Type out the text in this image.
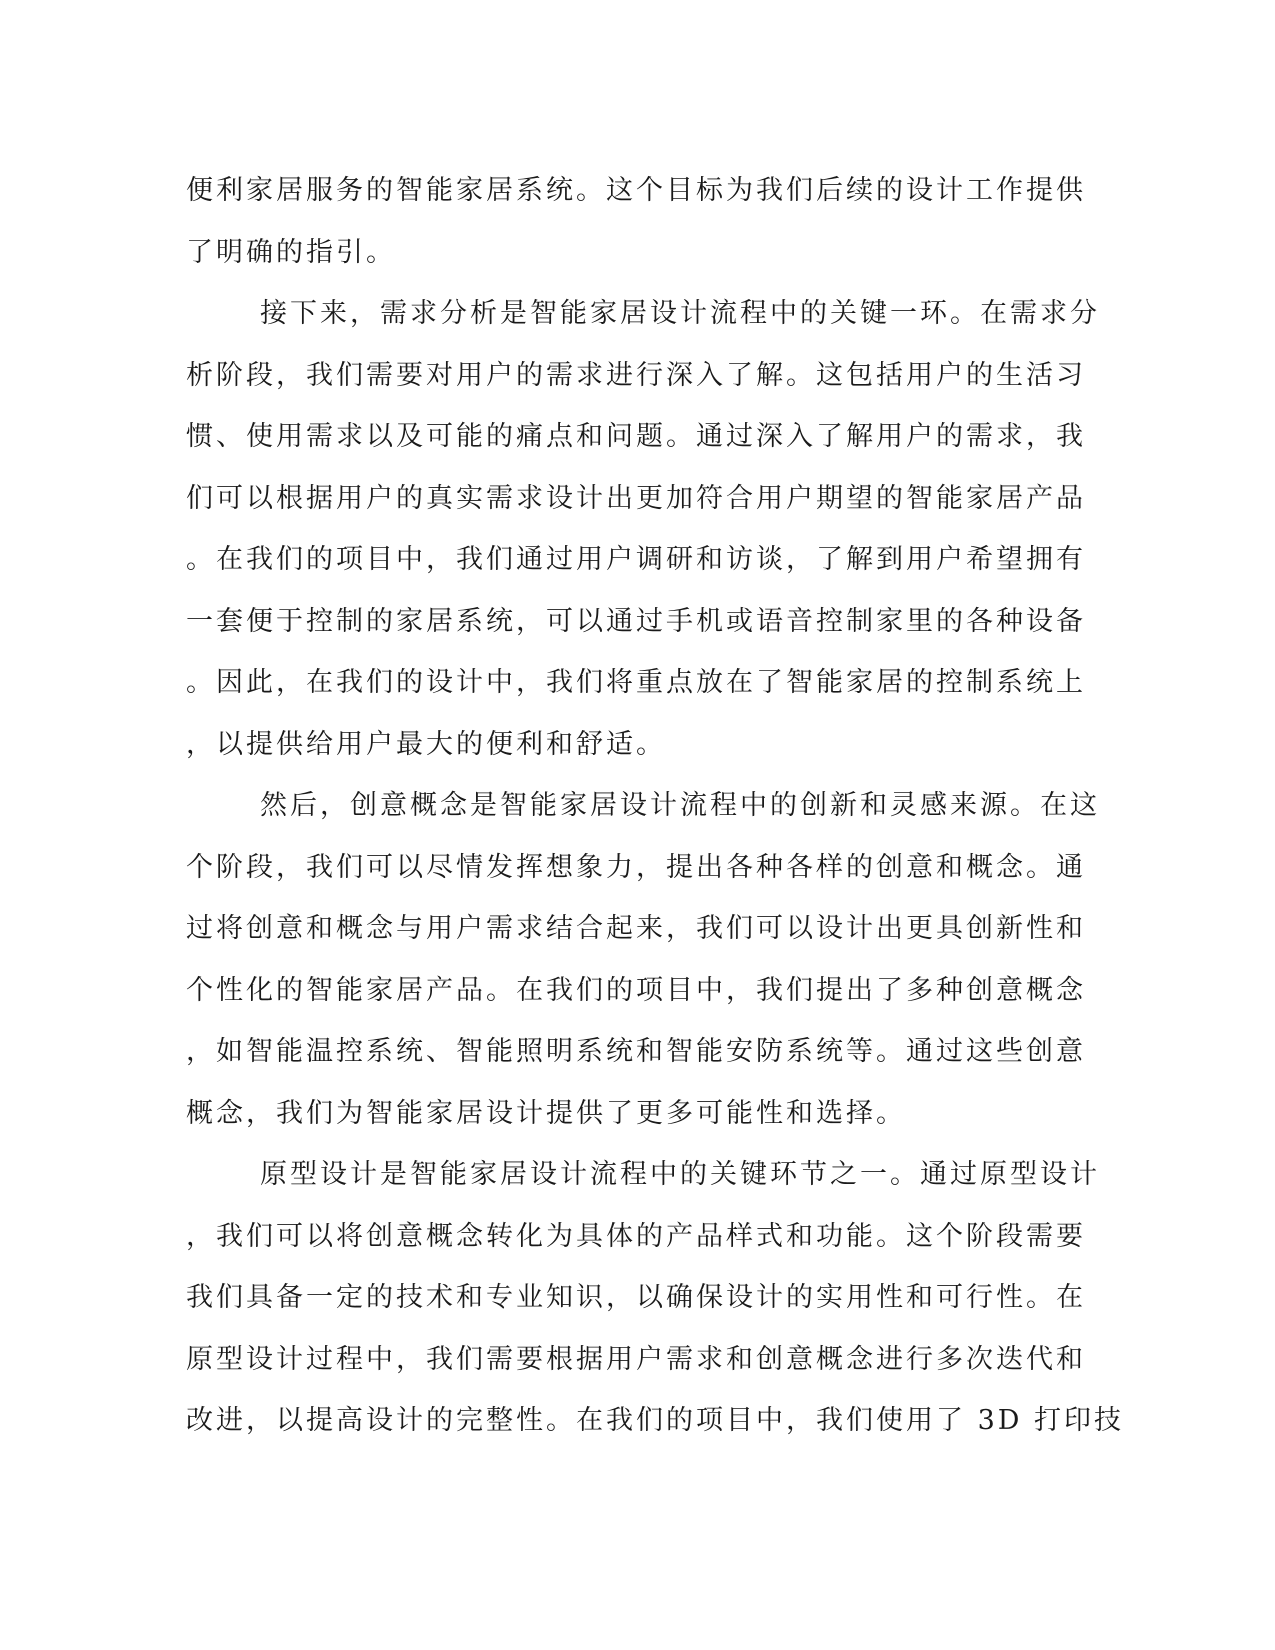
便利家居服务的智能家居系统。这个目标为我们后续的设计工作提供
了明确的指引。
接下来，需求分析是智能家居设计流程中的关键一环。在需求分
析阶段，我们需要对用户的需求进行深入了解。这包括用户的生活习
惯、使用需求以及可能的痛点和问题。通过深入了解用户的需求，我
们可以根据用户的真实需求设计出更加符合用户期望的智能家居产品
。在我们的项目中，我们通过用户调研和访谈，了解到用户希望拥有
一套便于控制的家居系统，可以通过手机或语音控制家里的各种设备
。因此，在我们的设计中，我们将重点放在了智能家居的控制系统上
，以提供给用户最大的便利和舒适。
然后，创意概念是智能家居设计流程中的创新和灵感来源。在这
个阶段，我们可以尽情发挥想象力，提出各种各样的创意和概念。通
过将创意和概念与用户需求结合起来，我们可以设计出更具创新性和
个性化的智能家居产品。在我们的项目中，我们提出了多种创意概念
，如智能温控系统、智能照明系统和智能安防系统等。通过这些创意
概念，我们为智能家居设计提供了更多可能性和选择。
原型设计是智能家居设计流程中的关键环节之一。通过原型设计
，我们可以将创意概念转化为具体的产品样式和功能。这个阶段需要
我们具备一定的技术和专业知识，以确保设计的实用性和可行性。在
原型设计过程中，我们需要根据用户需求和创意概念进行多次迭代和
改进，以提高设计的完整性。在我们的项目中，我们使用了 3D 打印技
